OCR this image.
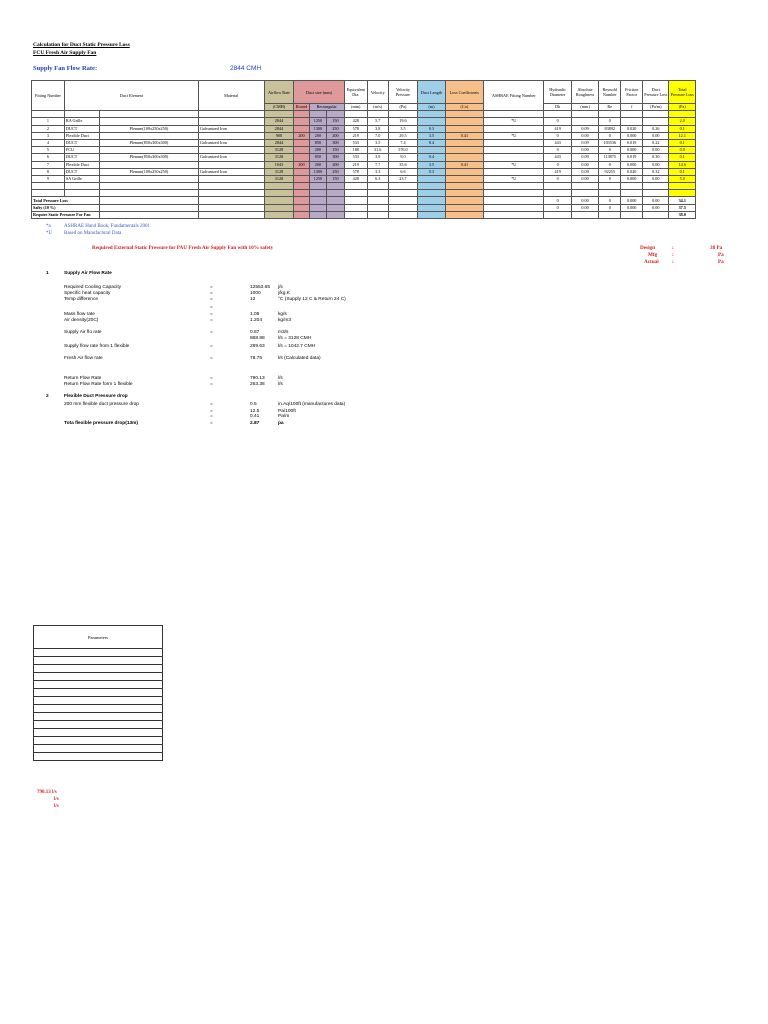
Calculation for Duct Static Pressure Loss
FCU Fresh Air Supply Fan
Supply Fan Flow Rate:	2844 CMH
Fitting Number	Duct Element		Material	Airflow Rate	Duct size (mm)			Equivalent Dia.	Velocity	Velocity Pressure	Duct Length	Loss Coefficients	ASHRAE Fitting Number	Hydraulic Diameter	Absolute Roughness	Reynold Number	Friction Factor	Duct Pressure Loss	Total Pressure Loss
				(CMH)	Round	Rectangular		(mm)	(m/s)	(Pa)	(m)	(Co)		Dh	(mm)	Re	f	(Pa/m)	(Pa)

1	RA Grille			2844		1250	150	428	5.7	19.6			*U	0		0			2.0
2	DUCT	Plenum(100x250x250)	Galvanized Iron	2844		1300	250	578	3.8	3.5	0.3			419	0.09	83892	0.020	0.26	0.1
3	Flexible Duct			900	200	200	200	219	7.0	29.5	3.5	0.41	*U	0	0.00	0	0.000	0.00	12.1
4	DUCT	Plenum(850x300x300)	Galvanized Iron	2844		850	300	533	3.5	7.4	0.4			443	0.09	103536	0.019	0.22	0.1
5	FCU			3128		200	150	188	31.6	576.0				0	0.00	0	0.000	0.00	0.0
6	DUCT	Plenum(850x300x300)	Galvanized Iron	3128		850	300	533	3.9	9.0	0.4			443	0.09	113875	0.019	0.30	0.1
7	Flexible Duct			1043	200	200	200	219	7.7	35.6	3.5	0.41	*U	0	0.00	0	0.000	0.00	14.6
8	DUCT	Plenum(100x250x250)	Galvanized Iron	3128		1300	250	578	3.3	6.6	0.3			419	0.09	92255	0.020	0.32	0.1
9	SA Grille			3128		1250	150	428	6.3	23.7			*U	0	0.00	0	0.000	0.00	5.0

Total Pressure Loss														0	0.00	0	0.000	0.00	34.1
Safty (10 %)														0	0.00	0	0.000	0.00	37.5
Require Static Pressure For Fan																			38.0
*a	ASHRAE Hand Book, Fundamentals 2001
*U Based on Manufactural Data
Required External Static Pressure for PAU Fresh Air Supply Fan with 10% safety	Design	:	38 Pa
Mfg	:	Pa
Actual	:	Pa
1	Supply Air Flow Rate
Required Cooling Capacity	=	12553.65 j/s
Specific heat capacity	=	1000	j/kg.K
Temp difference	=	12	°C (Supply 12 C & Return 24 C)
=
Mass flow rate	=	1.05	kg/s
Air density(20C)	=	1.204	kg/m3
Supply Air flo rate	=	0.87	m3/s
868.88	l/s = 3128 CMH
Supply flow rate from 1 flexible	=	289.63	l/s = 1042.7 CMH
Fresh Air flow rate	=	78.75	l/s (Calculated data)
Return Flow Rate	=	790.13	l/s
Return Flow Rate form 1 flexible	=	263.38	l/s
2	Flexible Duct Pressure drop
200 mm flexible duct pressure drop	=	0.5	in.Aq/100ft (manufactures data)
=	12.5	Pa/100ft
=	0.41	Pa/m
Tota flexible pressure drop(13m)	=	2.87	pa
Parameters

790.13 l/s
l/s
l/s
